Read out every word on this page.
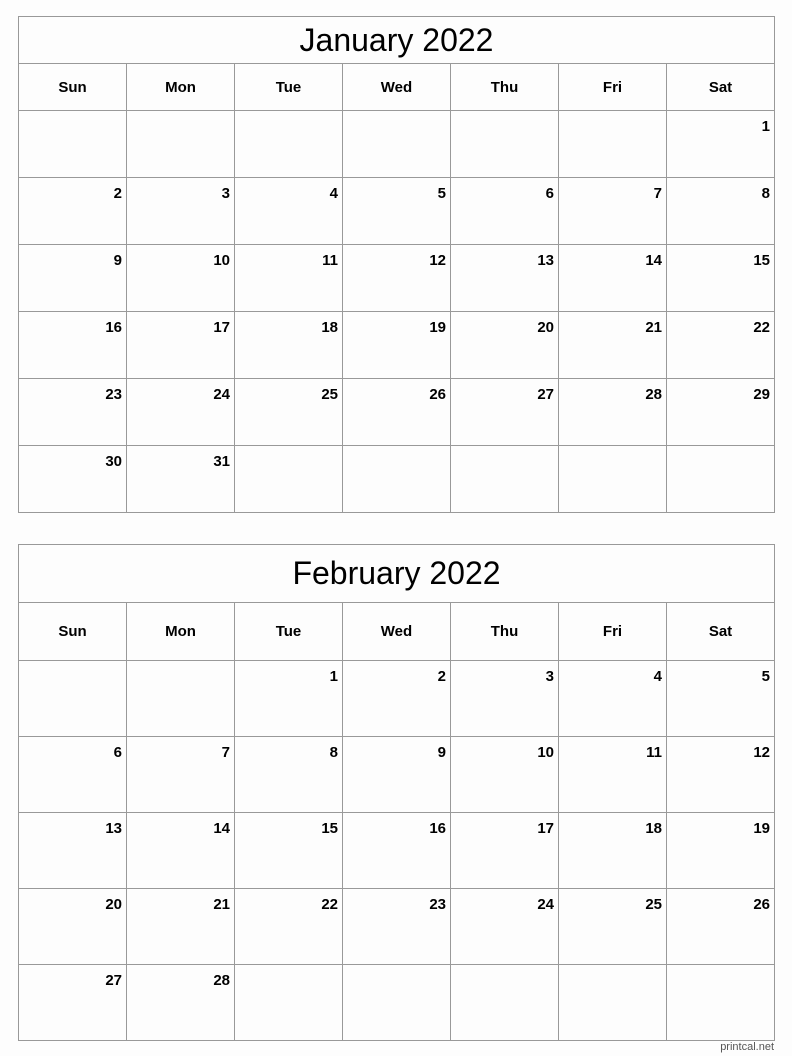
January 2022						
Sun	Mon	Tue	Wed	Thu	Fri	Sat
						1
2	3	4	5	6	7	8
9	10	11	12	13	14	15
16	17	18	19	20	21	22
23	24	25	26	27	28	29
30	31					
February 2022						
Sun	Mon	Tue	Wed	Thu	Fri	Sat
		1	2	3	4	5
6	7	8	9	10	11	12
13	14	15	16	17	18	19
20	21	22	23	24	25	26
27	28					
printcal.net
